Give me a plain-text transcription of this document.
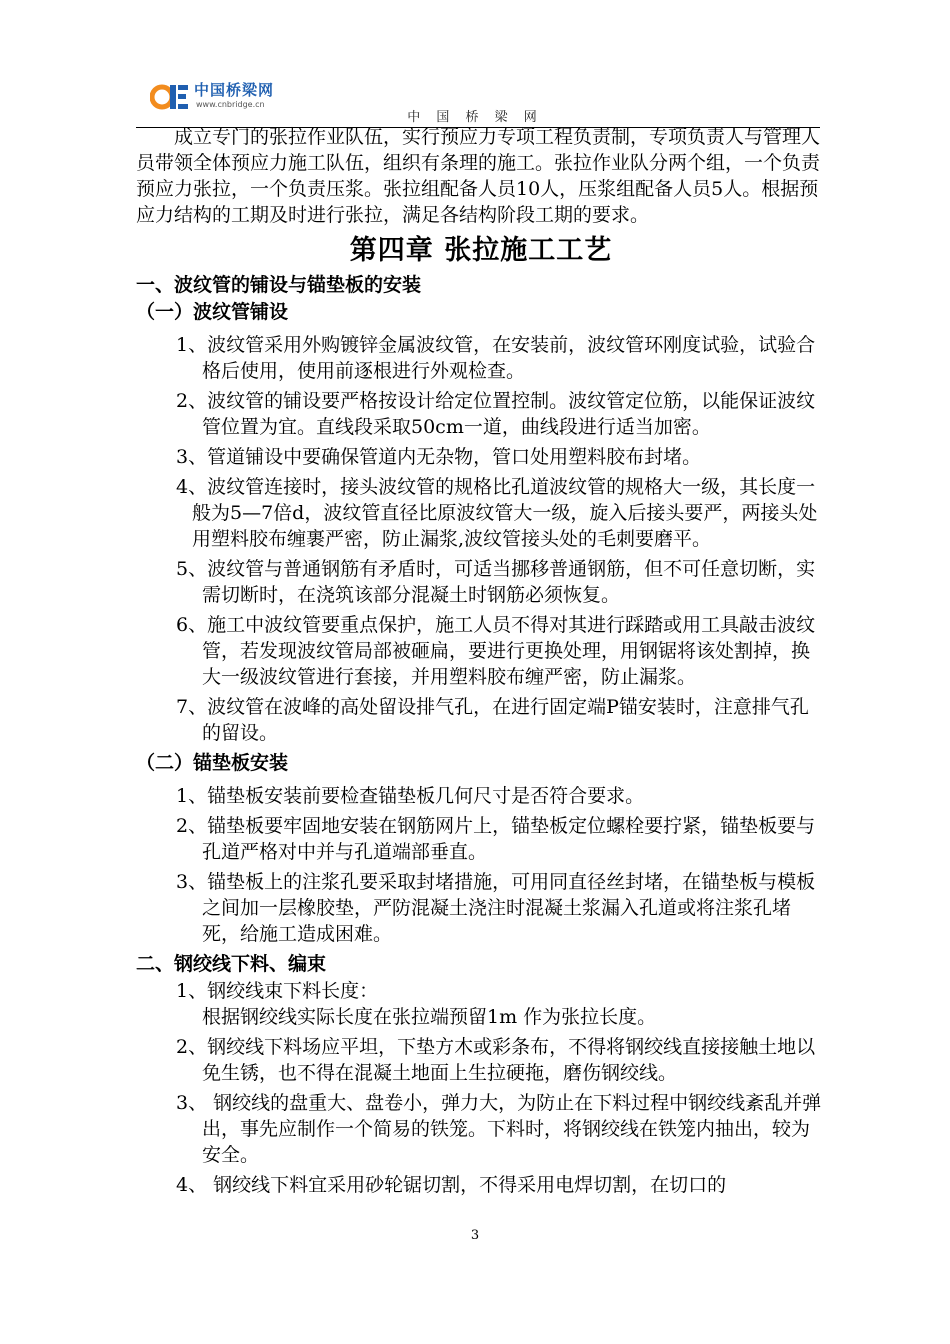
中国桥梁网
www.cnbridge.cn
中 国 桥 梁 网

成立专门的张拉作业队伍，实行预应力专项工程负责制，专项负责人与管理人员带领全体预应力施工队伍，组织有条理的施工。张拉作业队分两个组，一个负责预应力张拉，一个负责压浆。张拉组配备人员10人，压浆组配备人员5人。根据预应力结构的工期及时进行张拉，满足各结构阶段工期的要求。

第四章 张拉施工工艺

一、波纹管的铺设与锚垫板的安装

（一）波纹管铺设

1、波纹管采用外购镀锌金属波纹管，在安装前，波纹管环刚度试验，试验合格后使用，使用前逐根进行外观检查。

2、波纹管的铺设要严格按设计给定位置控制。波纹管定位筋，以能保证波纹管位置为宜。直线段采取50cm一道，曲线段进行适当加密。

3、管道铺设中要确保管道内无杂物，管口处用塑料胶布封堵。

4、波纹管连接时，接头波纹管的规格比孔道波纹管的规格大一级，其长度一般为5—7倍d，波纹管直径比原波纹管大一级，旋入后接头要严，两接头处用塑料胶布缠裹严密，防止漏浆,波纹管接头处的毛刺要磨平。

5、波纹管与普通钢筋有矛盾时，可适当挪移普通钢筋，但不可任意切断，实需切断时，在浇筑该部分混凝土时钢筋必须恢复。

6、施工中波纹管要重点保护，施工人员不得对其进行踩踏或用工具敲击波纹管，若发现波纹管局部被砸扁，要进行更换处理，用钢锯将该处割掉，换大一级波纹管进行套接，并用塑料胶布缠严密，防止漏浆。

7、波纹管在波峰的高处留设排气孔，在进行固定端P锚安装时，注意排气孔的留设。

（二）锚垫板安装

1、锚垫板安装前要检查锚垫板几何尺寸是否符合要求。

2、锚垫板要牢固地安装在钢筋网片上，锚垫板定位螺栓要拧紧，锚垫板要与孔道严格对中并与孔道端部垂直。

3、锚垫板上的注浆孔要采取封堵措施，可用同直径丝封堵，在锚垫板与模板之间加一层橡胶垫，严防混凝土浇注时混凝土浆漏入孔道或将注浆孔堵死，给施工造成困难。

二、钢绞线下料、编束

1、钢绞线束下料长度：

根据钢绞线实际长度在张拉端预留1m 作为张拉长度。

2、钢绞线下料场应平坦，下垫方木或彩条布，不得将钢绞线直接接触土地以免生锈，也不得在混凝土地面上生拉硬拖，磨伤钢绞线。

3、 钢绞线的盘重大、盘卷小，弹力大，为防止在下料过程中钢绞线紊乱并弹出，事先应制作一个简易的铁笼。下料时，将钢绞线在铁笼内抽出，较为安全。

4、 钢绞线下料宜采用砂轮锯切割，不得采用电焊切割，在切口的

3
